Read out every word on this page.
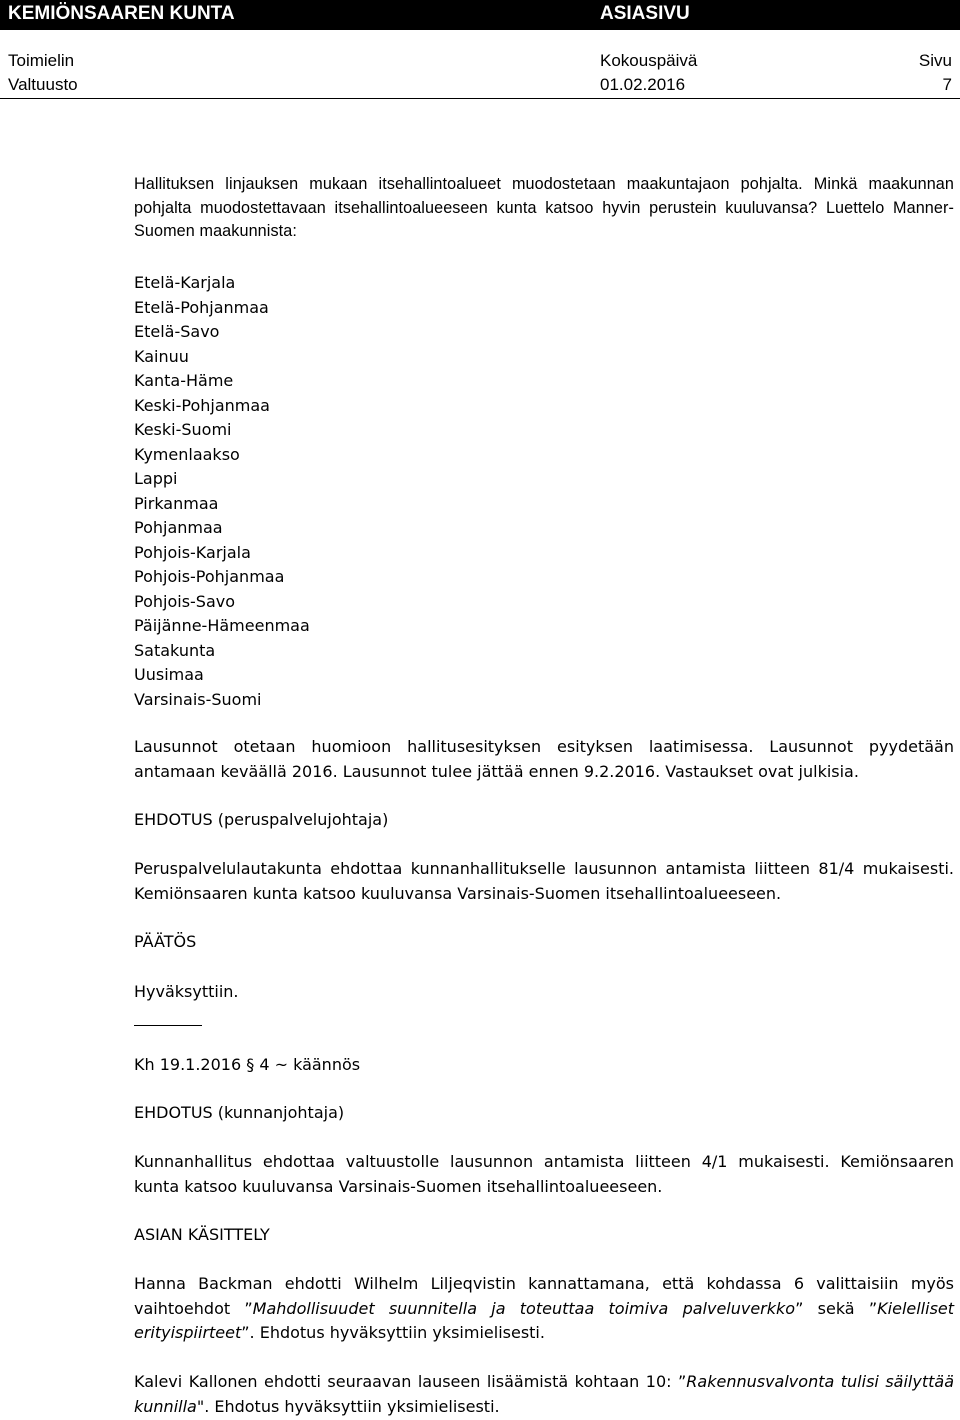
KEMIÖNSAAREN KUNTA	ASIASIVU
Toimielin
Valtuusto
Kokouspäivä
01.02.2016
Sivu
7
Hallituksen linjauksen mukaan itsehallintoalueet muodostetaan maakuntajaon pohjalta. Minkä maakunnan pohjalta muodostettavaan itsehallintoalueeseen kunta katsoo hyvin perustein kuuluvansa? Luettelo Manner-Suomen maakunnista:
Etelä-Karjala
Etelä-Pohjanmaa
Etelä-Savo
Kainuu
Kanta-Häme
Keski-Pohjanmaa
Keski-Suomi
Kymenlaakso
Lappi
Pirkanmaa
Pohjanmaa
Pohjois-Karjala
Pohjois-Pohjanmaa
Pohjois-Savo
Päijänne-Hämeenmaa
Satakunta
Uusimaa
Varsinais-Suomi
Lausunnot otetaan huomioon hallitusesityksen esityksen laatimisessa. Lausunnot pyydetään antamaan keväällä 2016. Lausunnot tulee jättää ennen 9.2.2016. Vastaukset ovat julkisia.
EHDOTUS (peruspalvelujohtaja)
Peruspalvelulautakunta ehdottaa kunnanhallitukselle lausunnon antamista liitteen 81/4 mukaisesti. Kemiönsaaren kunta katsoo kuuluvansa Varsinais-Suomen itsehallintoalueeseen.
PÄÄTÖS
Hyväksyttiin.
Kh 19.1.2016 § 4 ~ käännös
EHDOTUS (kunnanjohtaja)
Kunnanhallitus ehdottaa valtuustolle lausunnon antamista liitteen 4/1 mukaisesti. Kemiönsaaren kunta katsoo kuuluvansa Varsinais-Suomen itsehallintoalueeseen.
ASIAN KÄSITTELY
Hanna Backman ehdotti Wilhelm Liljeqvistin kannattamana, että kohdassa 6 valittaisiin myös vaihtoehdot ”Mahdollisuudet suunnitella ja toteuttaa toimiva palveluverkko” sekä ”Kielelliset erityispiirteet”. Ehdotus hyväksyttiin yksimielisesti.
Kalevi Kallonen ehdotti seuraavan lauseen lisäämistä kohtaan 10: ”Rakennusvalvonta tulisi säilyttää kunnilla". Ehdotus hyväksyttiin yksimielisesti.
